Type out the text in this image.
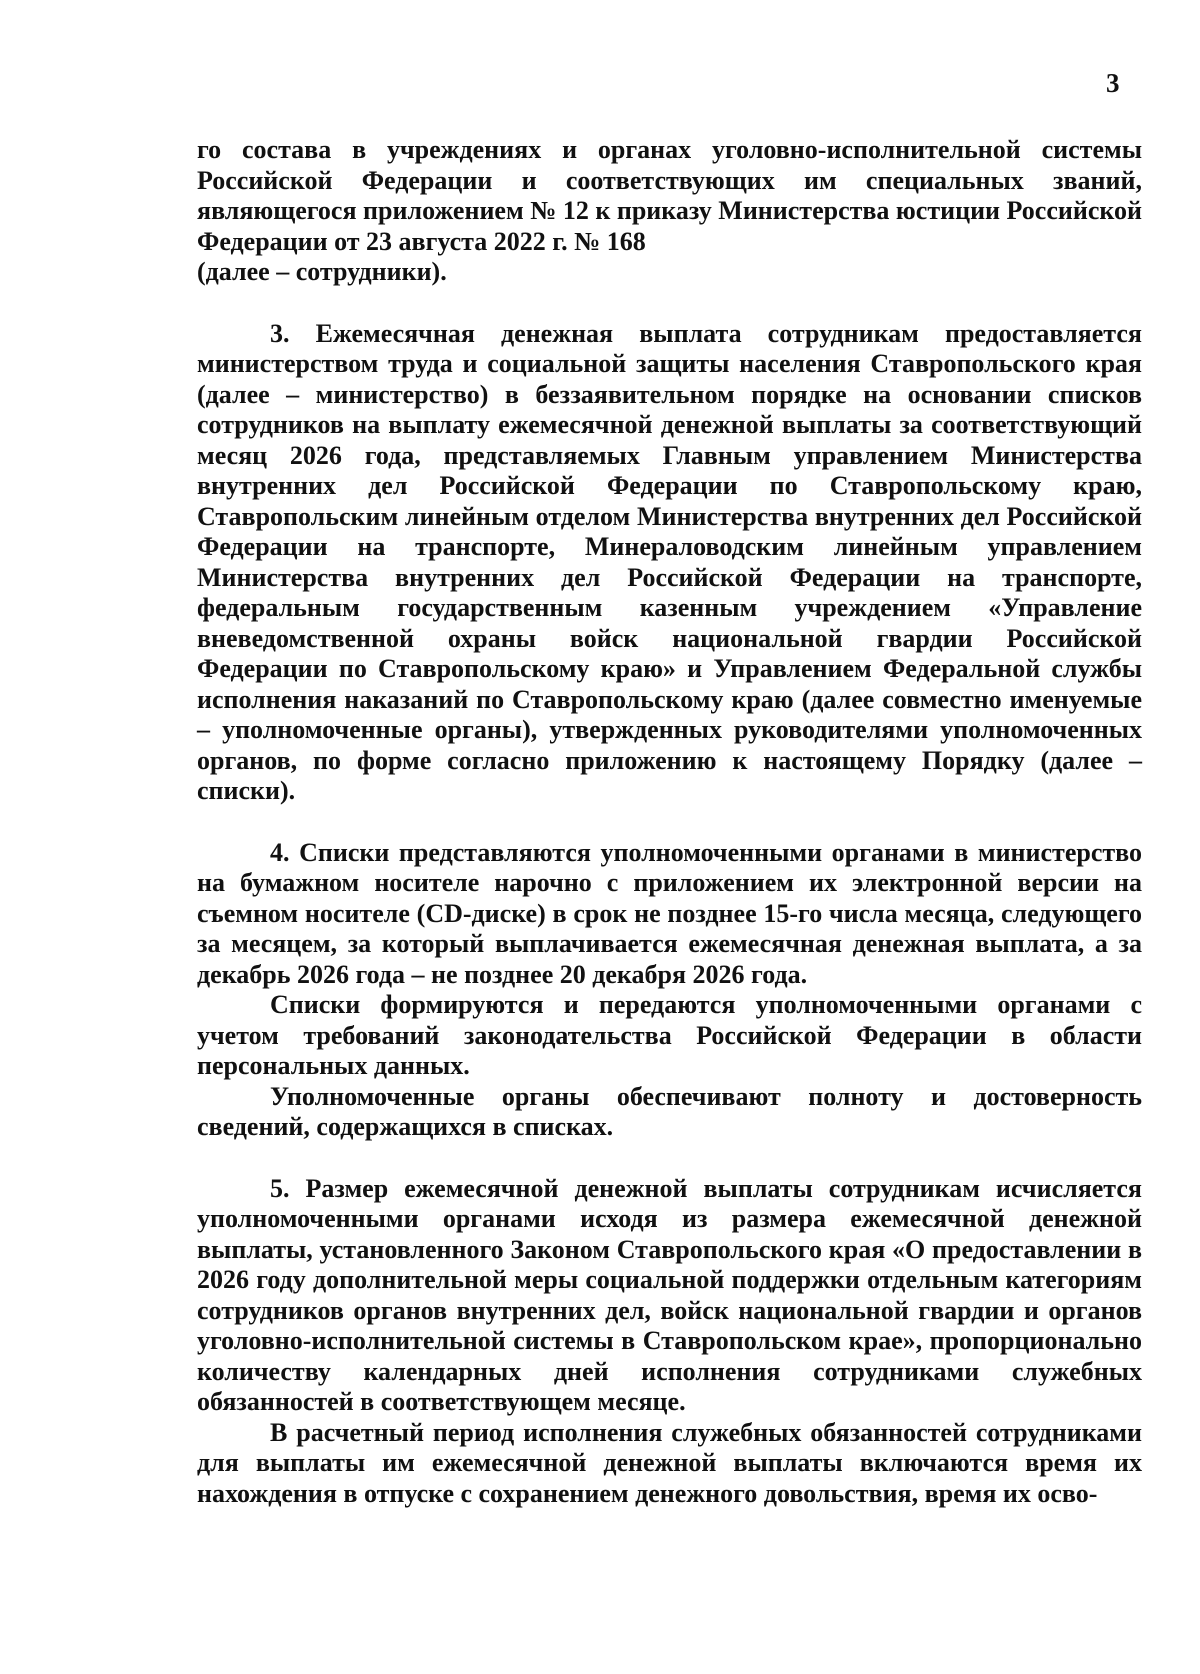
3

го состава в учреждениях и органах уголовно-исполнительной системы Российской Федерации и соответствующих им специальных званий, являющегося приложением № 12 к приказу Министерства юстиции Российской Федерации от 23 августа 2022 г. № 168

(далее – сотрудники).

3. Ежемесячная денежная выплата сотрудникам предоставляется министерством труда и социальной защиты населения Ставропольского края (далее – министерство) в беззаявительном порядке на основании списков сотрудников на выплату ежемесячной денежной выплаты за соответствующий месяц 2026 года, представляемых Главным управлением Министерства внутренних дел Российской Федерации по Ставропольскому краю, Ставропольским линейным отделом Министерства внутренних дел Российской Федерации на транспорте, Минераловодским линейным управлением Министерства внутренних дел Российской Федерации на транспорте, федеральным государственным казенным учреждением «Управление вневедомственной охраны войск национальной гвардии Российской Федерации по Ставропольскому краю» и Управлением Федеральной службы исполнения наказаний по Ставропольскому краю (далее совместно именуемые – уполномоченные органы), утвержденных руководителями уполномоченных органов, по форме согласно приложению к настоящему Порядку (далее – списки).

4. Списки представляются уполномоченными органами в министерство на бумажном носителе нарочно с приложением их электронной версии на съемном носителе (CD-диске) в срок не позднее 15-го числа месяца, следующего за месяцем, за который выплачивается ежемесячная денежная выплата, а за декабрь 2026 года – не позднее 20 декабря 2026 года.

Списки формируются и передаются уполномоченными органами с учетом требований законодательства Российской Федерации в области персональных данных.

Уполномоченные органы обеспечивают полноту и достоверность сведений, содержащихся в списках.

5. Размер ежемесячной денежной выплаты сотрудникам исчисляется уполномоченными органами исходя из размера ежемесячной денежной выплаты, установленного Законом Ставропольского края «О предоставлении в 2026 году дополнительной меры социальной поддержки отдельным категориям сотрудников органов внутренних дел, войск национальной гвардии и органов уголовно-исполнительной системы в Ставропольском крае», пропорционально количеству календарных дней исполнения сотрудниками служебных обязанностей в соответствующем месяце.

В расчетный период исполнения служебных обязанностей сотрудниками для выплаты им ежемесячной денежной выплаты включаются время их нахождения в отпуске с сохранением денежного довольствия, время их осво-
